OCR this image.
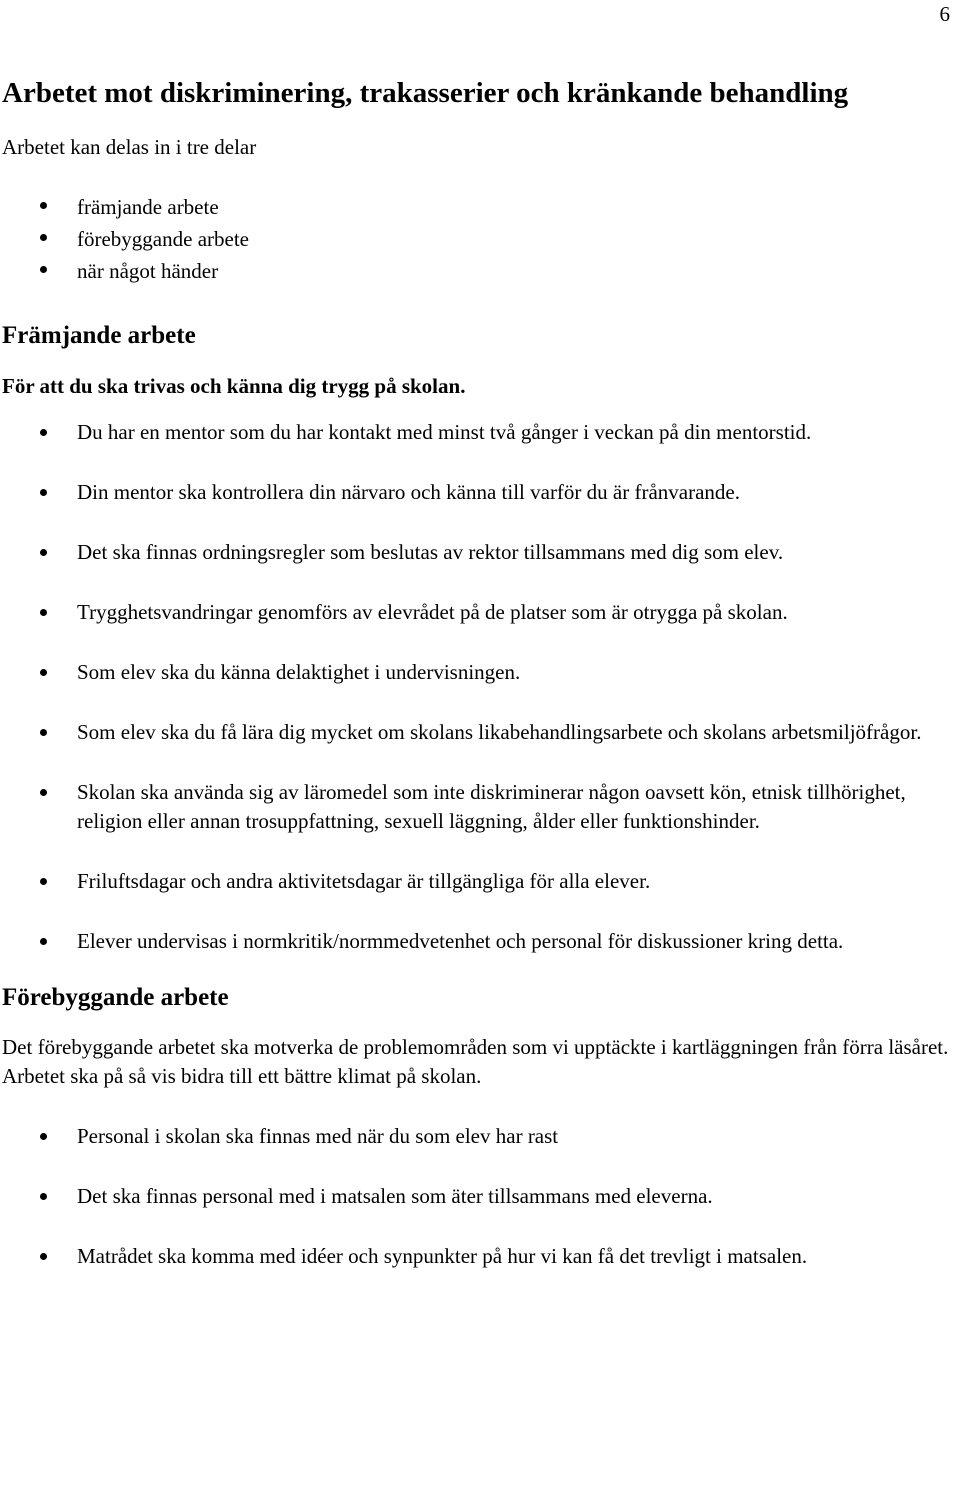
6
Arbetet mot diskriminering, trakasserier och kränkande behandling

Arbetet kan delas in i tre delar

främjande arbete
förebyggande arbete
när något händer
Främjande arbete

För att du ska trivas och känna dig trygg på skolan.

Du har en mentor som du har kontakt med minst två gånger i veckan på din mentorstid.
Din mentor ska kontrollera din närvaro och känna till varför du är frånvarande.
Det ska finnas ordningsregler som beslutas av rektor tillsammans med dig som elev.
Trygghetsvandringar genomförs av elevrådet på de platser som är otrygga på skolan.
Som elev ska du känna delaktighet i undervisningen.
Som elev ska du få lära dig mycket om skolans likabehandlingsarbete och skolans arbetsmiljöfrågor.
Skolan ska använda sig av läromedel som inte diskriminerar någon oavsett kön, etnisk tillhörighet, religion eller annan trosuppfattning, sexuell läggning, ålder eller funktionshinder.
Friluftsdagar och andra aktivitetsdagar är tillgängliga för alla elever.
Elever undervisas i normkritik/normmedvetenhet och personal för diskussioner kring detta.
Förebyggande arbete

Det förebyggande arbetet ska motverka de problemområden som vi upptäckte i kartläggningen från förra läsåret. Arbetet ska på så vis bidra till ett bättre klimat på skolan.

Personal i skolan ska finnas med när du som elev har rast
Det ska finnas personal med i matsalen som äter tillsammans med eleverna.
Matrådet ska komma med idéer och synpunkter på hur vi kan få det trevligt i matsalen.
